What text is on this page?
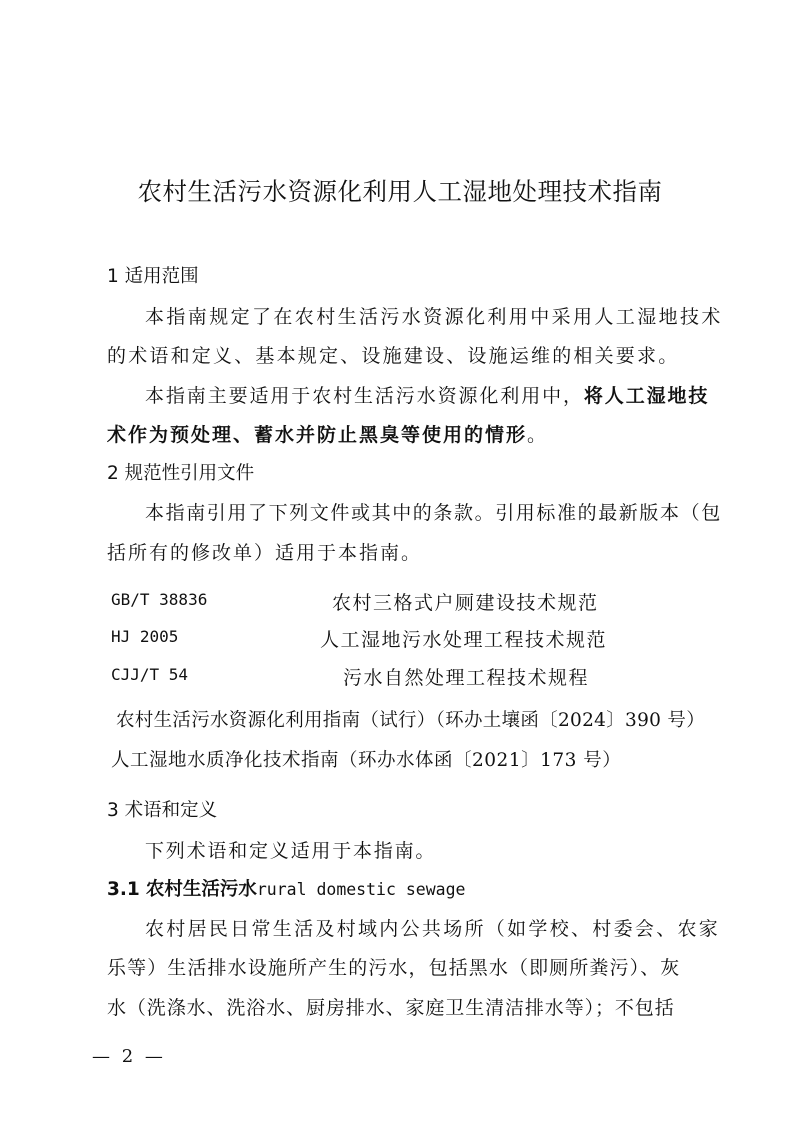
农村生活污水资源化利用人工湿地处理技术指南
1 适用范围
本指南规定了在农村生活污水资源化利用中采用人工湿地技术
的术语和定义、基本规定、设施建设、设施运维的相关要求。
本指南主要适用于农村生活污水资源化利用中，将人工湿地技
术作为预处理、蓄水并防止黑臭等使用的情形。
2 规范性引用文件
本指南引用了下列文件或其中的条款。引用标准的最新版本（包
括所有的修改单）适用于本指南。
GB/T 38836	农村三格式户厕建设技术规范
HJ 2005	人工湿地污水处理工程技术规范
CJJ/T 54	污水自然处理工程技术规程
农村生活污水资源化利用指南（试行）（环办土壤函〔2024〕390 号）
人工湿地水质净化技术指南（环办水体函〔2021〕173 号）
3 术语和定义
下列术语和定义适用于本指南。
3.1 农村生活污水rural domestic sewage
农村居民日常生活及村域内公共场所（如学校、村委会、农家
乐等）生活排水设施所产生的污水，包括黑水（即厕所粪污）、灰
水（洗涤水、洗浴水、厨房排水、家庭卫生清洁排水等）；不包括
— 2 —
